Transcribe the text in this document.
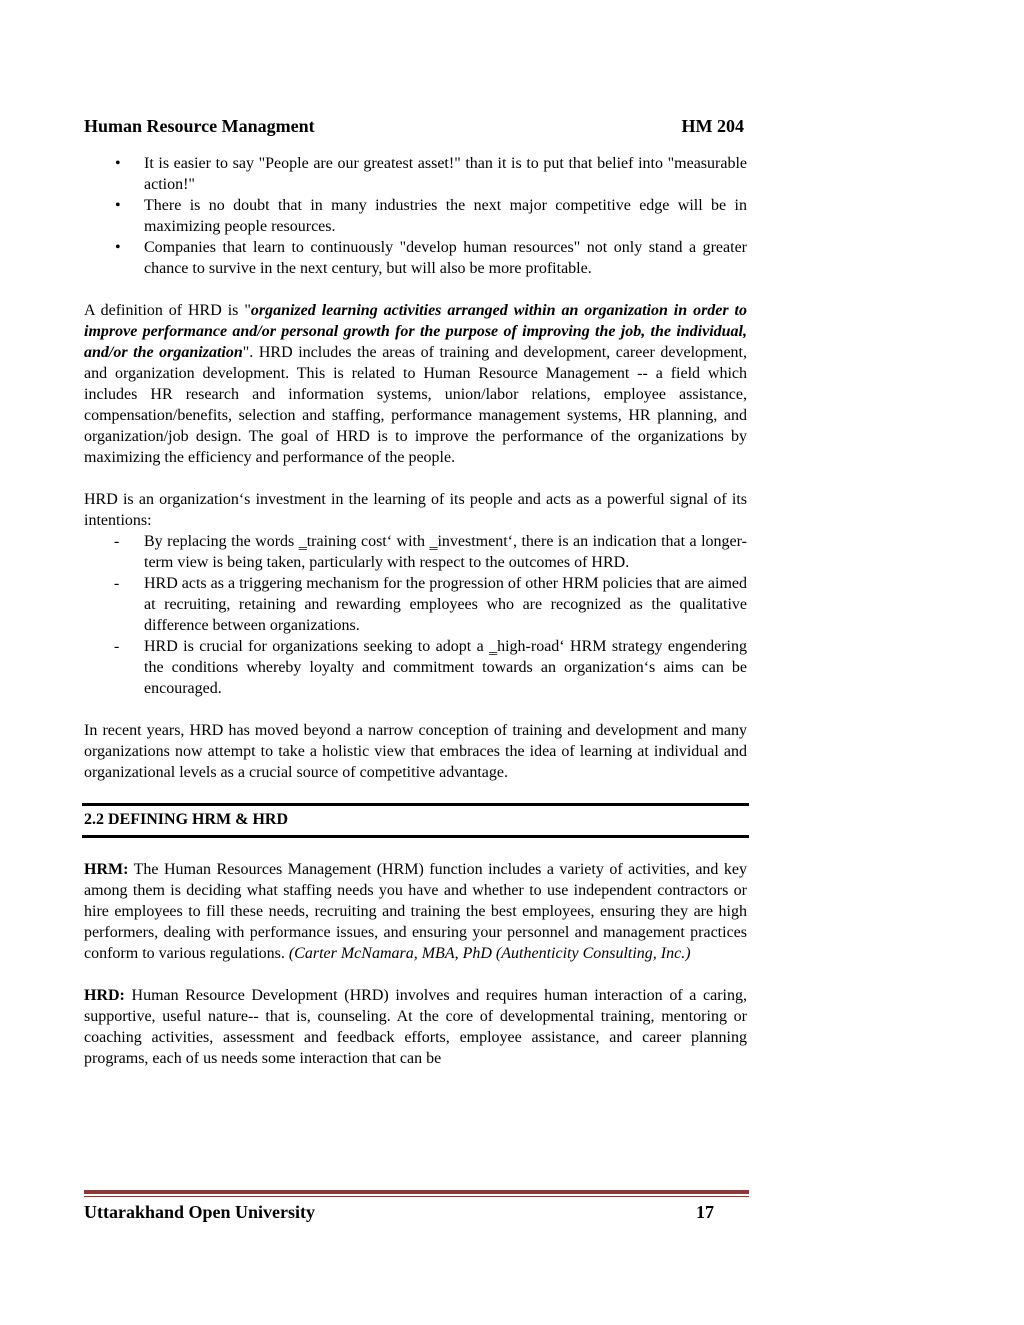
Human Resource Managment	HM 204
• It is easier to say "People are our greatest asset!" than it is to put that belief into "measurable action!"
• There is no doubt that in many industries the next major competitive edge will be in maximizing people resources.
• Companies that learn to continuously "develop human resources" not only stand a greater chance to survive in the next century, but will also be more profitable.

A definition of HRD is "organized learning activities arranged within an organization in order to improve performance and/or personal growth for the purpose of improving the job, the individual, and/or the organization". HRD includes the areas of training and development, career development, and organization development. This is related to Human Resource Management -- a field which includes HR research and information systems, union/labor relations, employee assistance, compensation/benefits, selection and staffing, performance management systems, HR planning, and organization/job design. The goal of HRD is to improve the performance of the organizations by maximizing the efficiency and performance of the people.

HRD is an organization‘s investment in the learning of its people and acts as a powerful signal of its intentions:

- By replacing the words ‗training cost‘ with ‗investment‘, there is an indication that a longer-term view is being taken, particularly with respect to the outcomes of HRD.
- HRD acts as a triggering mechanism for the progression of other HRM policies that are aimed at recruiting, retaining and rewarding employees who are recognized as the qualitative difference between organizations.
- HRD is crucial for organizations seeking to adopt a ‗high-road‘ HRM strategy engendering the conditions whereby loyalty and commitment towards an organization‘s aims can be encouraged.

In recent years, HRD has moved beyond a narrow conception of training and development and many organizations now attempt to take a holistic view that embraces the idea of learning at individual and organizational levels as a crucial source of competitive advantage.

2.2 DEFINING HRM & HRD

HRM: The Human Resources Management (HRM) function includes a variety of activities, and key among them is deciding what staffing needs you have and whether to use independent contractors or hire employees to fill these needs, recruiting and training the best employees, ensuring they are high performers, dealing with performance issues, and ensuring your personnel and management practices conform to various regulations. (Carter McNamara, MBA, PhD (Authenticity Consulting, Inc.)

HRD: Human Resource Development (HRD) involves and requires human interaction of a caring, supportive, useful nature-- that is, counseling. At the core of developmental training, mentoring or coaching activities, assessment and feedback efforts, employee assistance, and career planning programs, each of us needs some interaction that can be

Uttarakhand Open University	17
